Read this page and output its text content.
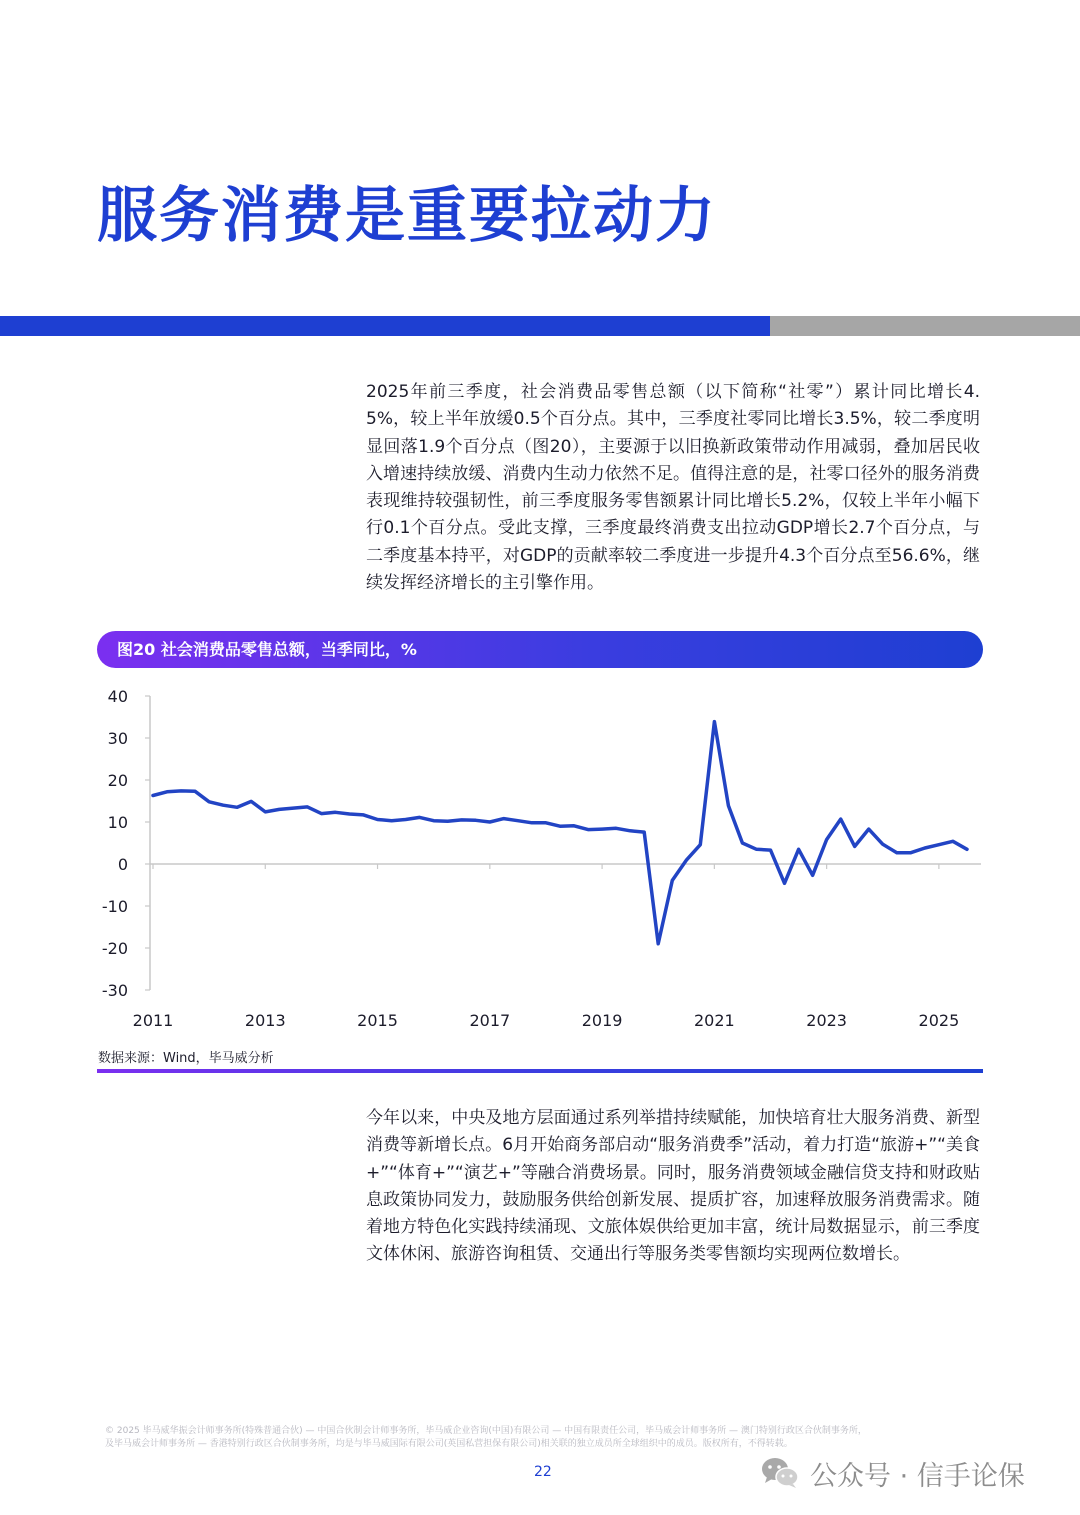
服务消费是重要拉动力

2025年前三季度，社会消费品零售总额（以下简称“社零”）累计同比增长4.5%，较上半年放缓0.5个百分点。其中，三季度社零同比增长3.5%，较二季度明显回落1.9个百分点（图20），主要源于以旧换新政策带动作用减弱，叠加居民收入增速持续放缓、消费内生动力依然不足。值得注意的是，社零口径外的服务消费表现维持较强韧性，前三季度服务零售额累计同比增长5.2%，仅较上半年小幅下行0.1个百分点。受此支撑，三季度最终消费支出拉动GDP增长2.7个百分点，与二季度基本持平，对GDP的贡献率较二季度进一步提升4.3个百分点至56.6%，继续发挥经济增长的主引擎作用。

图20 社会消费品零售总额，当季同比，%
40
30
20
10
0
-10
-20
-30
2011	2013	2015	2017	2019	2021	2023	2025
数据来源：Wind，毕马威分析

今年以来，中央及地方层面通过系列举措持续赋能，加快培育壮大服务消费、新型消费等新增长点。6月开始商务部启动“服务消费季”活动，着力打造“旅游+”“美食+”“体育+”“演艺+”等融合消费场景。同时，服务消费领域金融信贷支持和财政贴息政策协同发力，鼓励服务供给创新发展、提质扩容，加速释放服务消费需求。随着地方特色化实践持续涌现、文旅体娱供给更加丰富，统计局数据显示，前三季度文体休闲、旅游咨询租赁、交通出行等服务类零售额均实现两位数增长。

© 2025 毕马威华振会计师事务所(特殊普通合伙) — 中国合伙制会计师事务所，毕马威企业咨询(中国)有限公司 — 中国有限责任公司，毕马威会计师事务所 — 澳门特别行政区合伙制事务所，
及毕马威会计师事务所 — 香港特别行政区合伙制事务所，均是与毕马威国际有限公司(英国私营担保有限公司)相关联的独立成员所全球组织中的成员。版权所有，不得转载。
22	公众号 · 信手论保
